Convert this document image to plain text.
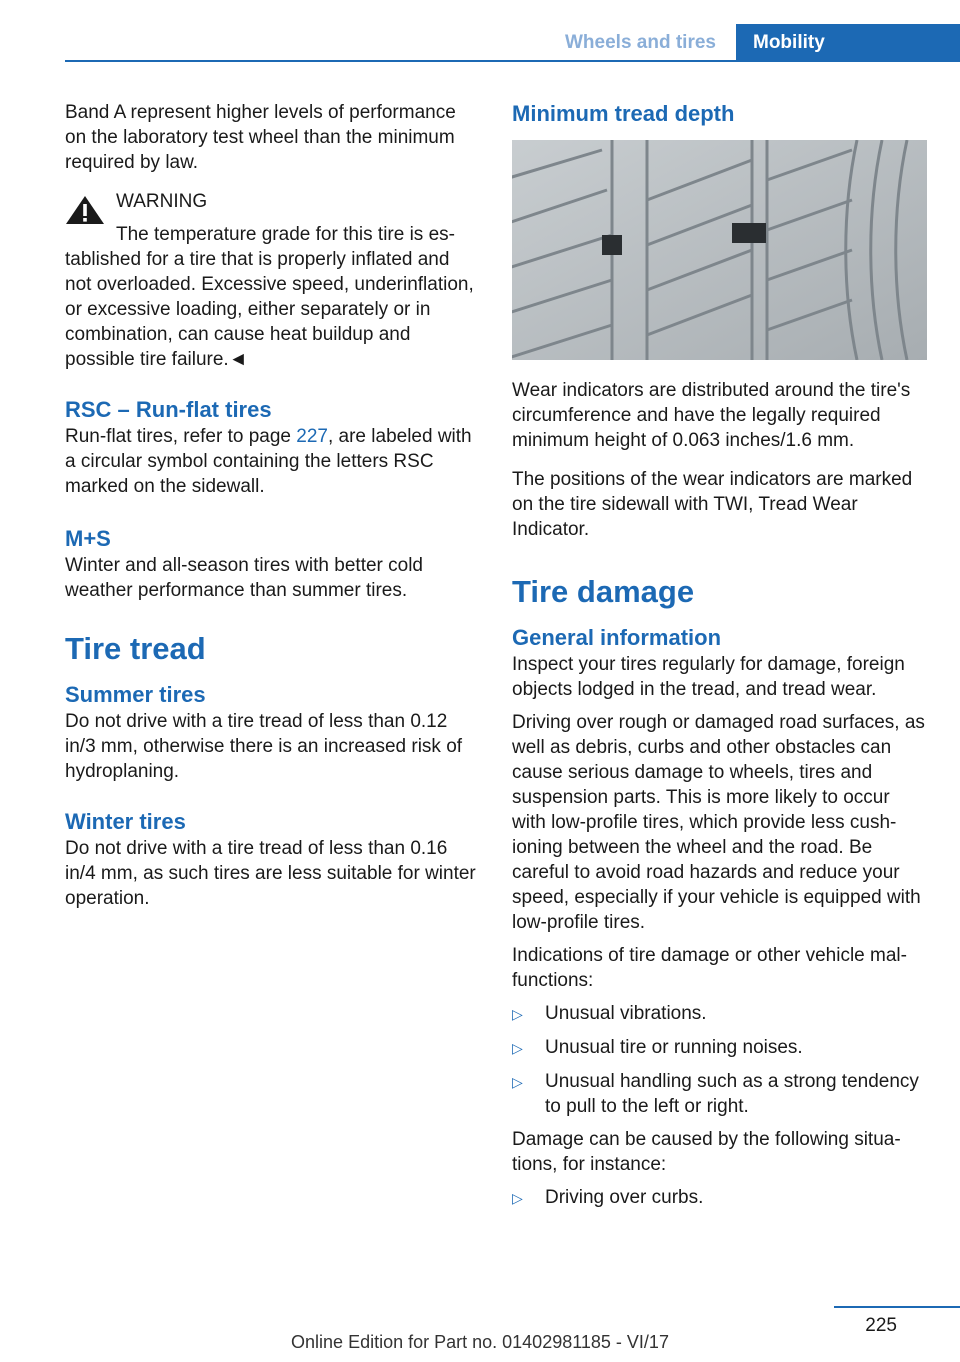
Wheels and tires	Mobility

Band A represent higher levels of performance on the laboratory test wheel than the minimum required by law.

WARNING

The temperature grade for this tire is es-

tablished for a tire that is properly inflated and not overloaded. Excessive speed, underinflation, or excessive loading, either separately or in combination, can cause heat buildup and possible tire failure.◄

RSC – Run-flat tires

Run-flat tires, refer to page 227, are labeled with a circular symbol containing the letters RSC marked on the sidewall.

M+S

Winter and all-season tires with better cold weather performance than summer tires.

Tire tread
Summer tires

Do not drive with a tire tread of less than 0.12 in/3 mm, otherwise there is an increased risk of hydroplaning.

Winter tires

Do not drive with a tire tread of less than 0.16 in/4 mm, as such tires are less suitable for winter operation.

Minimum tread depth

Wear indicators are distributed around the tire's circumference and have the legally required minimum height of 0.063 inches/1.6 mm.

The positions of the wear indicators are marked on the tire sidewall with TWI, Tread Wear Indicator.

Tire damage
General information

Inspect your tires regularly for damage, foreign objects lodged in the tread, and tread wear.

Driving over rough or damaged road surfaces, as well as debris, curbs and other obstacles can cause serious damage to wheels, tires and suspension parts. This is more likely to occur with low-profile tires, which provide less cushioning between the wheel and the road. Be careful to avoid road hazards and reduce your speed, especially if your vehicle is equipped with low-profile tires.

Indications of tire damage or other vehicle malfunctions:

▷	Unusual vibrations.
▷	Unusual tire or running noises.
▷	Unusual handling such as a strong tendency to pull to the left or right.

Damage can be caused by the following situations, for instance:

▷	Driving over curbs.
225
Online Edition for Part no. 01402981185 - VI/17
